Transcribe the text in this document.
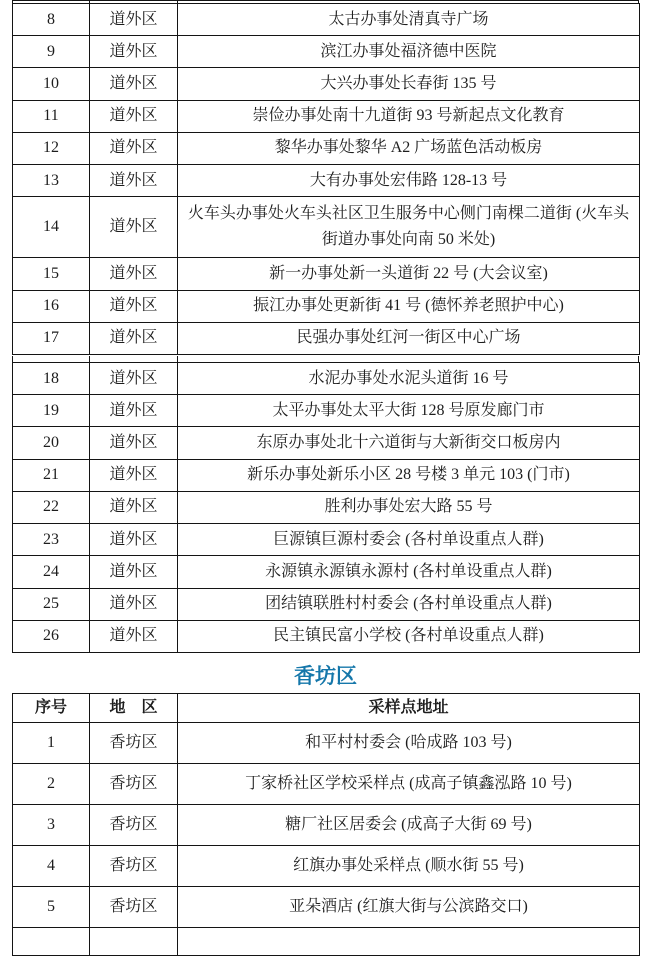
8	道外区	太古办事处清真寺广场
9	道外区	滨江办事处福济德中医院
10	道外区	大兴办事处长春街 135 号
11	道外区	崇俭办事处南十九道街 93 号新起点文化教育
12	道外区	黎华办事处黎华 A2 广场蓝色活动板房
13	道外区	大有办事处宏伟路 128-13 号
14	道外区	火车头办事处火车头社区卫生服务中心侧门南棵二道街 (火车头街道办事处向南 50 米处)
15	道外区	新一办事处新一头道街 22 号 (大会议室)
16	道外区	振江办事处更新街 41 号 (德怀养老照护中心)
17	道外区	民强办事处红河一街区中心广场
18	道外区	水泥办事处水泥头道街 16 号
19	道外区	太平办事处太平大街 128 号原发廊门市
20	道外区	东原办事处北十六道街与大新街交口板房内
21	道外区	新乐办事处新乐小区 28 号楼 3 单元 103 (门市)
22	道外区	胜利办事处宏大路 55 号
23	道外区	巨源镇巨源村委会 (各村单设重点人群)
24	道外区	永源镇永源镇永源村 (各村单设重点人群)
25	道外区	团结镇联胜村村委会 (各村单设重点人群)
26	道外区	民主镇民富小学校 (各村单设重点人群)
香坊区
序号	地　区	采样点地址
1	香坊区	和平村村委会 (哈成路 103 号)
2	香坊区	丁家桥社区学校采样点 (成高子镇鑫泓路 10 号)
3	香坊区	糖厂社区居委会 (成高子大街 69 号)
4	香坊区	红旗办事处采样点 (顺水街 55 号)
5	香坊区	亚朵酒店 (红旗大街与公滨路交口)
